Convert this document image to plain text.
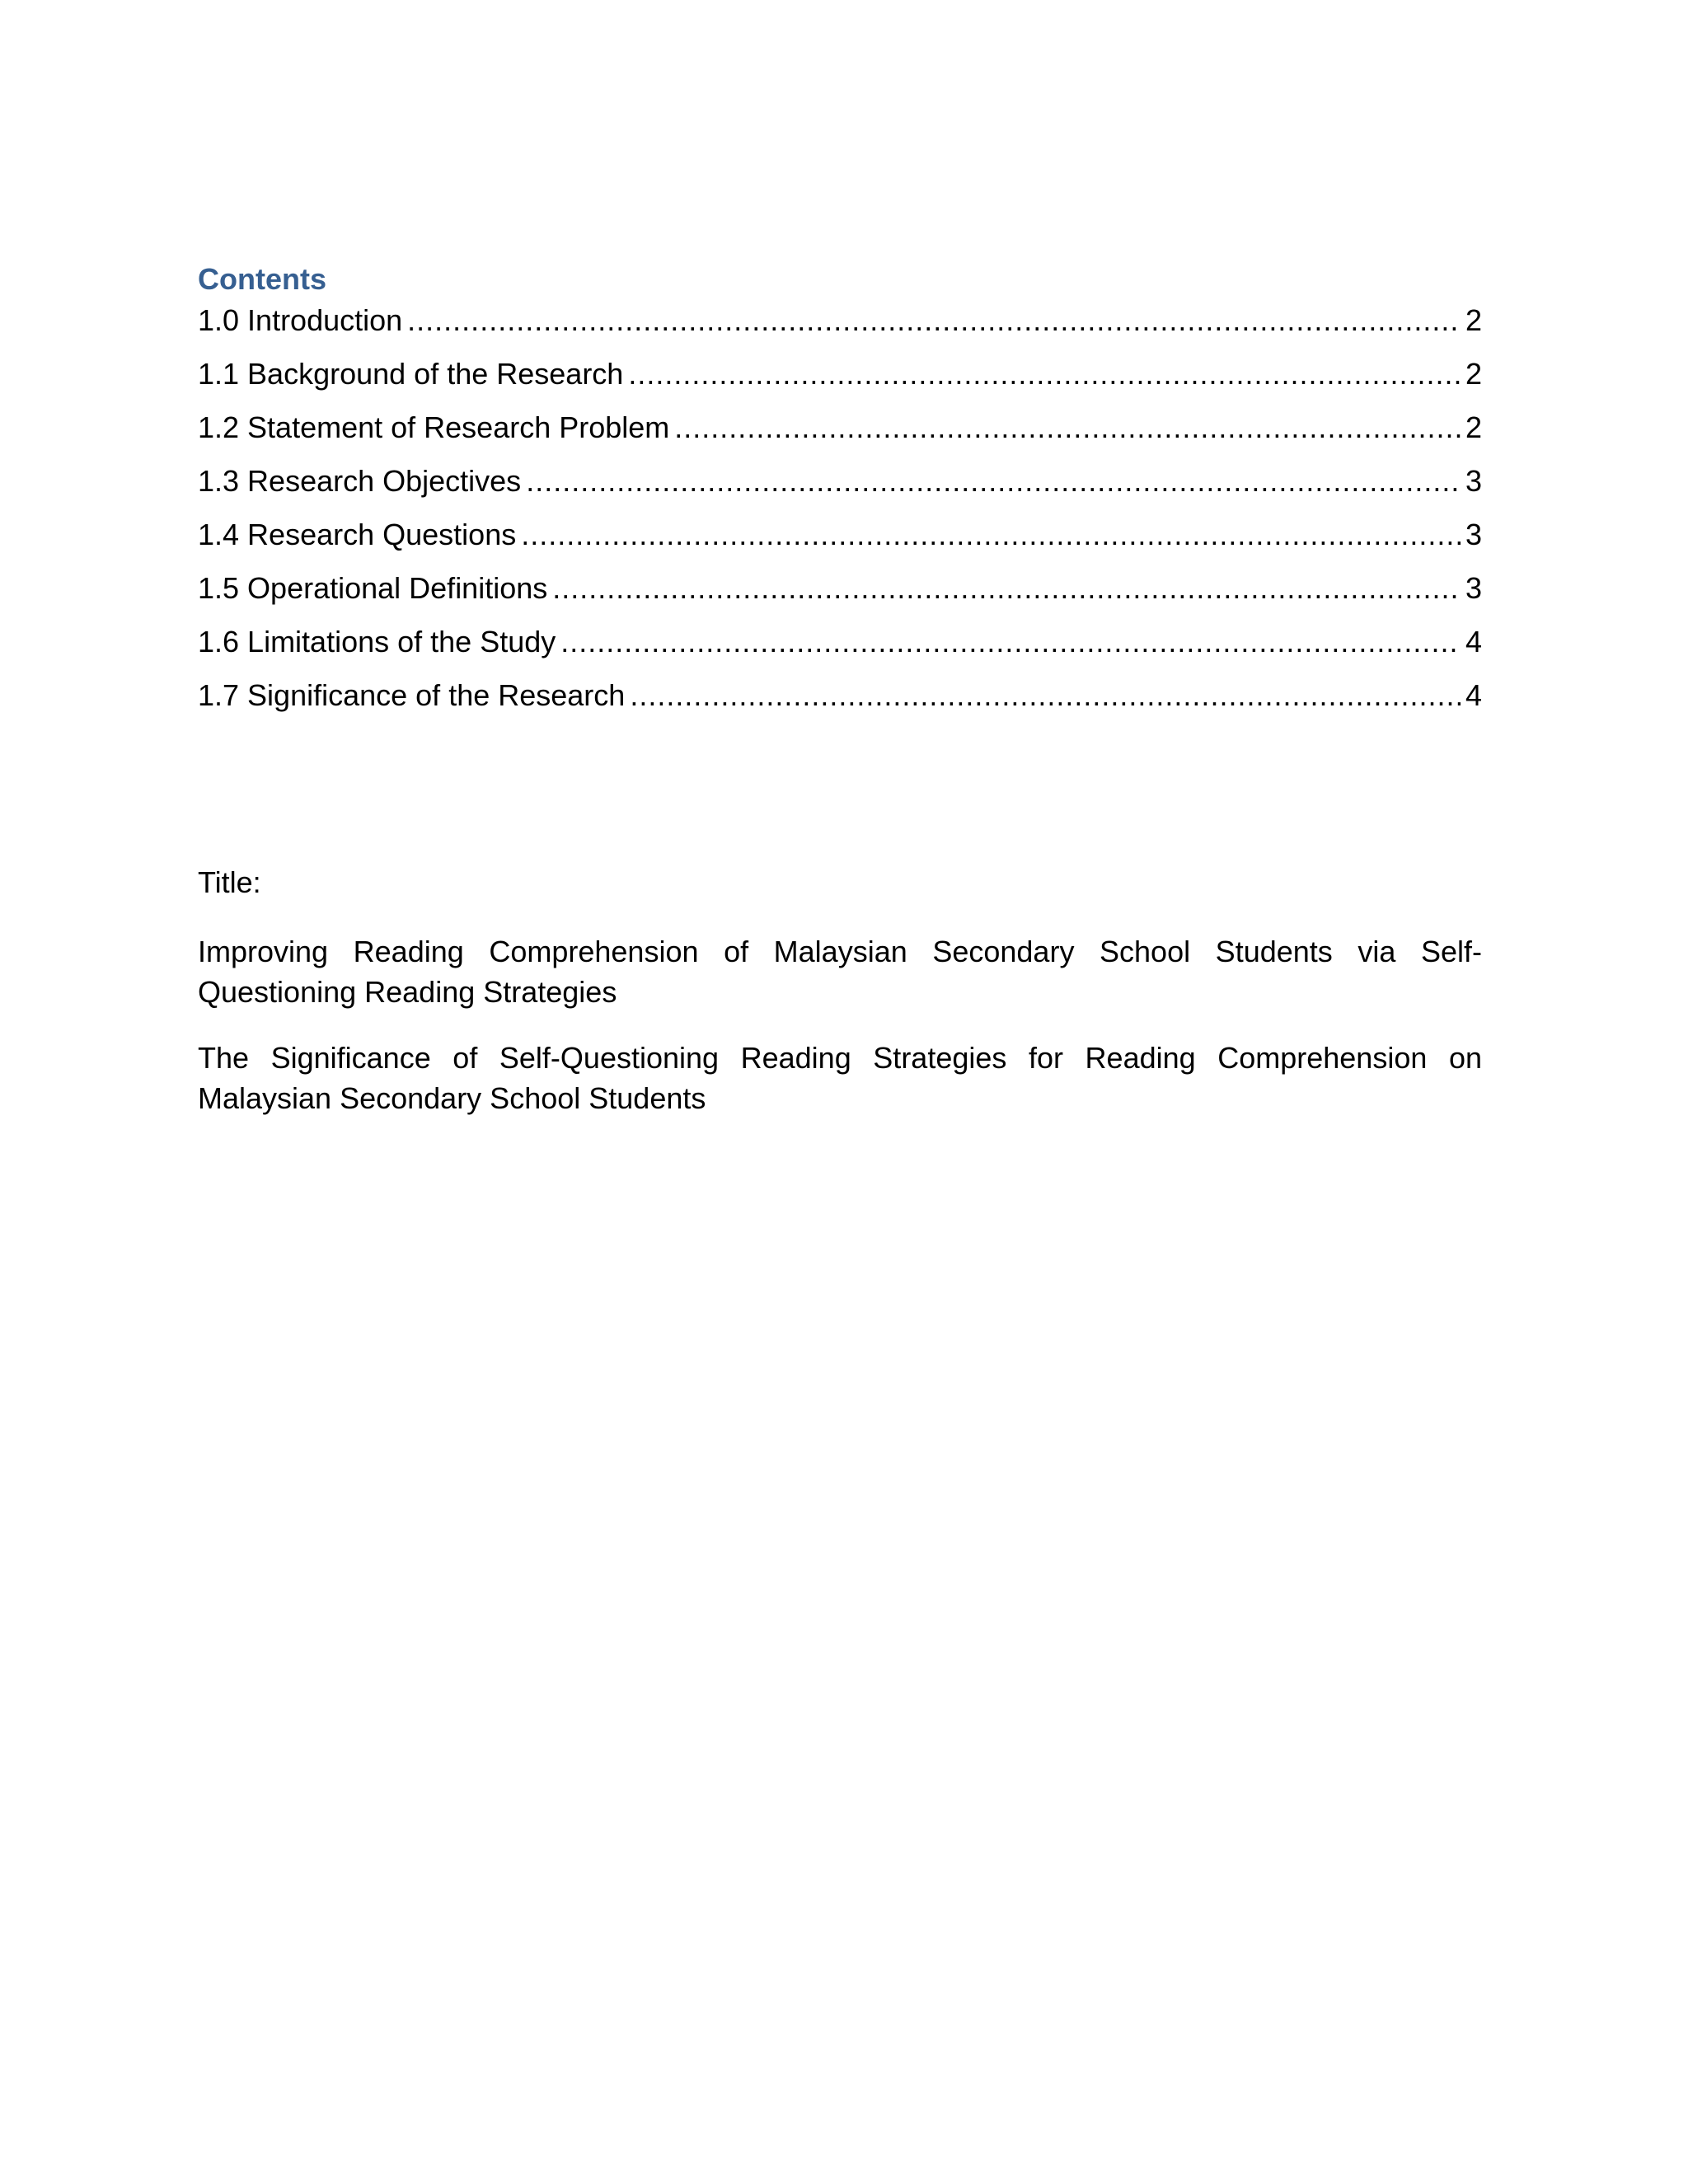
Contents
1.0 Introduction .....	2
1.1 Background of the Research .....	2
1.2 Statement of Research Problem .....	2
1.3 Research Objectives .....	3
1.4 Research Questions .....	3
1.5 Operational Definitions .....	3
1.6 Limitations of the Study .....	4
1.7 Significance of the Research .....	4

Title:

Improving Reading Comprehension of Malaysian Secondary School Students via Self-Questioning Reading Strategies

The Significance of Self-Questioning Reading Strategies for Reading Comprehension on Malaysian Secondary School Students
